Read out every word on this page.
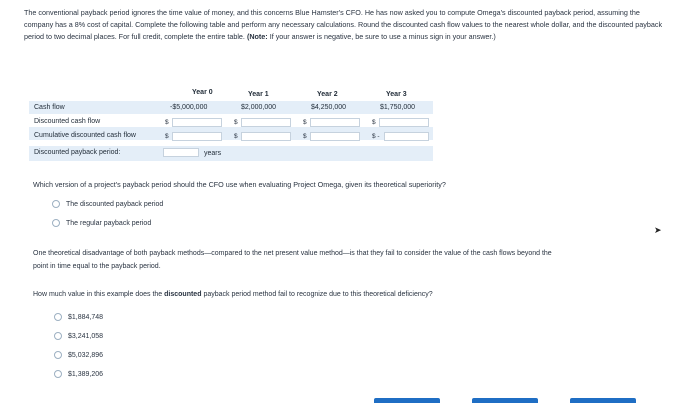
The conventional payback period ignores the time value of money, and this concerns Blue Hamster's CFO. He has now asked you to compute Omega's discounted payback period, assuming the company has a 8% cost of capital. Complete the following table and perform any necessary calculations. Round the discounted cash flow values to the nearest whole dollar, and the discounted payback period to two decimal places. For full credit, complete the entire table. (Note: If your answer is negative, be sure to use a minus sign in your answer.)
Year 0	Year 1	Year 2	Year 3
Cash flow	-$5,000,000	$2,000,000	$4,250,000	$1,750,000
Discounted cash flow	$	$	$	$
Cumulative discounted cash flow	$	$	$	$ -
Discounted payback period:	years
Which version of a project's payback period should the CFO use when evaluating Project Omega, given its theoretical superiority?
The discounted payback period
The regular payback period
One theoretical disadvantage of both payback methods—compared to the net present value method—is that they fail to consider the value of the cash flows beyond the point in time equal to the payback period.
How much value in this example does the discounted payback period method fail to recognize due to this theoretical deficiency?
$1,884,748
$3,241,058
$5,032,896
$1,389,206
➤
